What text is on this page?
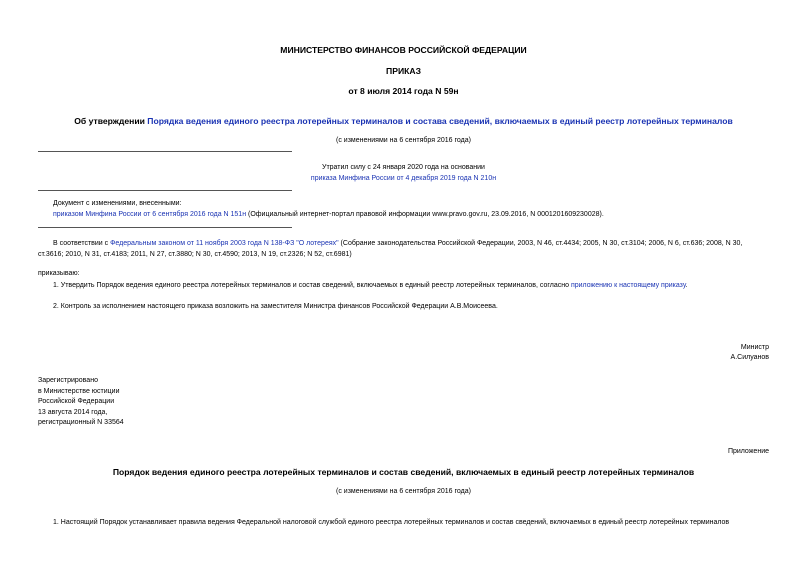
МИНИСТЕРСТВО ФИНАНСОВ РОССИЙСКОЙ ФЕДЕРАЦИИ
ПРИКАЗ
от 8 июля 2014 года N 59н
Об утверждении Порядка ведения единого реестра лотерейных терминалов и состава сведений, включаемых в единый реестр лотерейных терминалов
(с изменениями на 6 сентября 2016 года)
Утратил силу с 24 января 2020 года на основании
приказа Минфина России от 4 декабря 2019 года N 210н
Документ с изменениями, внесенными:
приказом Минфина России от 6 сентября 2016 года N 151н (Официальный интернет-портал правовой информации www.pravo.gov.ru, 23.09.2016, N 0001201609230028).
В соответствии с Федеральным законом от 11 ноября 2003 года N 138-ФЗ "О лотереях" (Собрание законодательства Российской Федерации, 2003, N 46, ст.4434; 2005, N 30, ст.3104; 2006, N 6, ст.636; 2008, N 30,
ст.3616; 2010, N 31, ст.4183; 2011, N 27, ст.3880; N 30, ст.4590; 2013, N 19, ст.2326; N 52, ст.6981)
приказываю:
1. Утвердить Порядок ведения единого реестра лотерейных терминалов и состав сведений, включаемых в единый реестр лотерейных терминалов, согласно приложению к настоящему приказу.
2. Контроль за исполнением настоящего приказа возложить на заместителя Министра финансов Российской Федерации А.В.Моисеева.
Министр
А.Силуанов
Зарегистрировано
в Министерстве юстиции
Российской Федерации
13 августа 2014 года,
регистрационный N 33564
Приложение
Порядок ведения единого реестра лотерейных терминалов и состав сведений, включаемых в единый реестр лотерейных терминалов
(с изменениями на 6 сентября 2016 года)
1. Настоящий Порядок устанавливает правила ведения Федеральной налоговой службой единого реестра лотерейных терминалов и состав сведений, включаемых в единый реестр лотерейных терминалов
